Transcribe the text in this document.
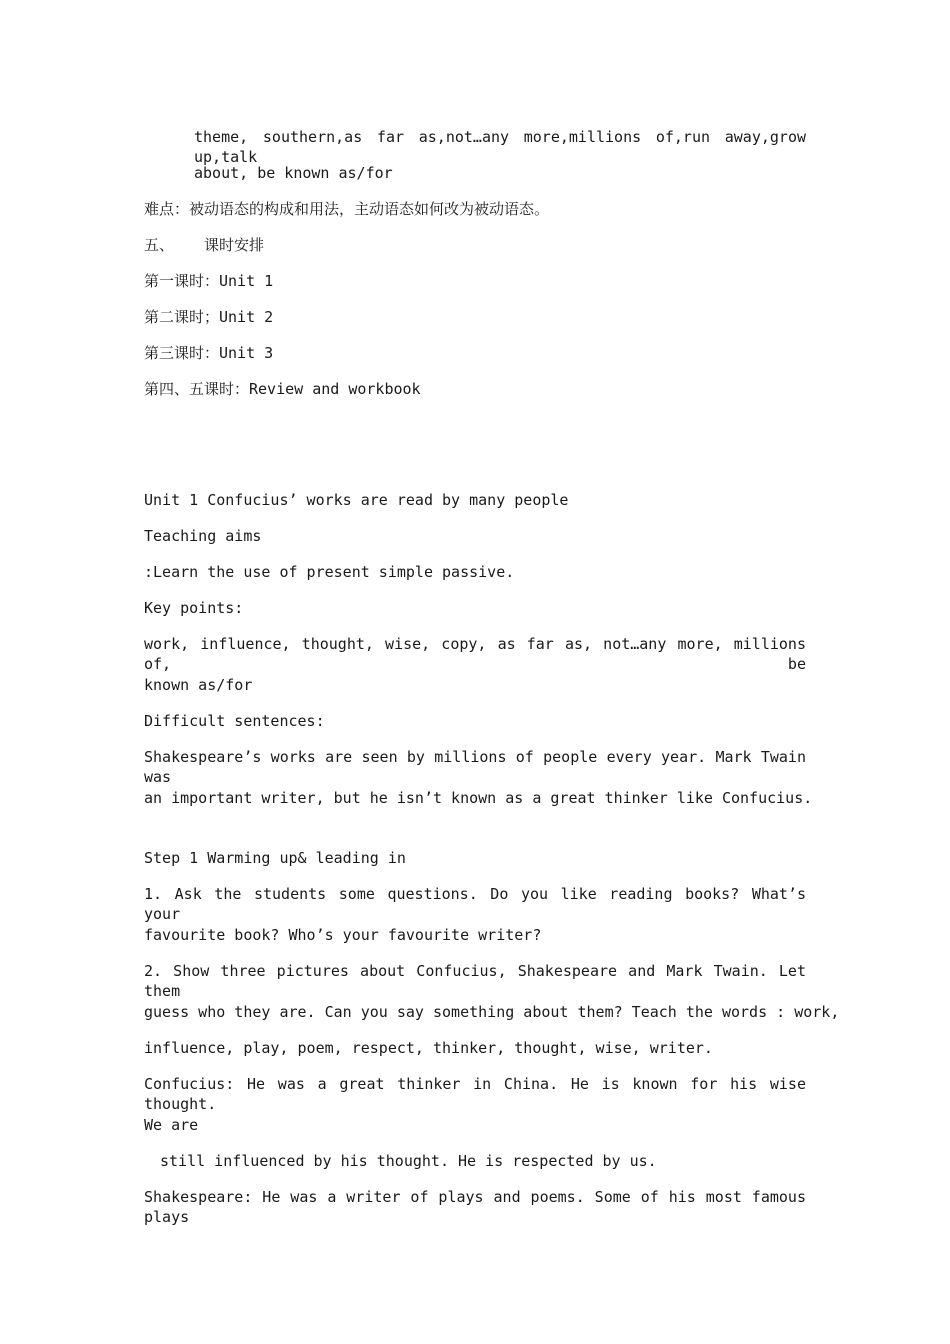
theme, southern,as far as,not…any more,millions of,run away,grow up,talk
about, be known as/for
难点：被动语态的构成和用法，主动语态如何改为被动语态。
五、 课时安排
第一课时：Unit 1
第二课时；Unit 2
第三课时：Unit 3
第四、五课时：Review and workbook
Unit 1 Confucius’ works are read by many people
Teaching aims
:Learn the use of present simple passive.
Key points:
work, influence, thought, wise, copy, as far as, not…any more, millions of, be
known as/for
Difficult sentences:
Shakespeare’s works are seen by millions of people every year. Mark Twain was
an important writer, but he isn’t known as a great thinker like Confucius.
Step 1 Warming up& leading in
1. Ask the students some questions. Do you like reading books? What’s your
favourite book? Who’s your favourite writer?
2. Show three pictures about Confucius, Shakespeare and Mark Twain. Let them
guess who they are. Can you say something about them? Teach the words : work,
influence, play, poem, respect, thinker, thought, wise, writer.
Confucius: He was a great thinker in China. He is known for his wise thought.
We are
still influenced by his thought. He is respected by us.
Shakespeare: He was a writer of plays and poems. Some of his most famous plays
